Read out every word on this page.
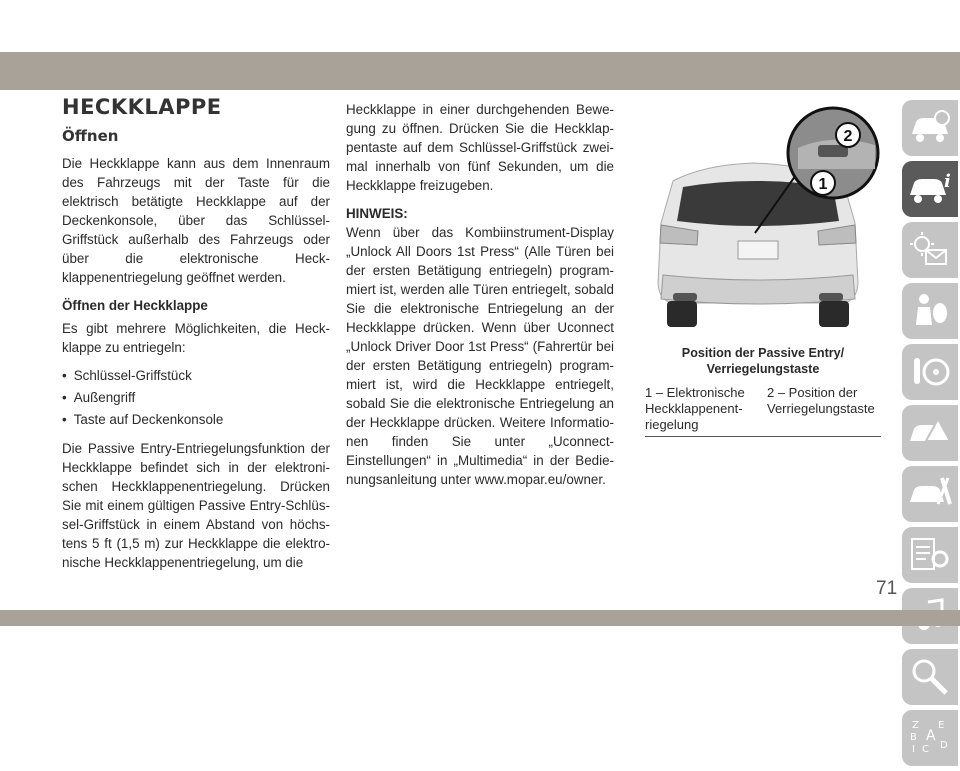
HECKKLAPPE
Öffnen

Die Heckklappe kann aus dem Innenraum des Fahrzeugs mit der Taste für die elektrisch betätigte Heckklappe auf der Deckenkonsole, über das Schlüssel-Griffstück außerhalb des Fahrzeugs oder über die elektronische Heck-klappenentriegelung geöffnet werden.

Öffnen der Heckklappe

Es gibt mehrere Möglichkeiten, die Heck-klappe zu entriegeln:

• Schlüssel-Griffstück
• Außengriff
• Taste auf Deckenkonsole

Die Passive Entry-Entriegelungsfunktion der Heckklappe befindet sich in der elektroni-schen Heckklappenentriegelung. Drücken Sie mit einem gültigen Passive Entry-Schlüs-sel-Griffstück in einem Abstand von höchs-tens 5 ft (1,5 m) zur Heckklappe die elektro-nische Heckklappenentriegelung, um die

Heckklappe in einer durchgehenden Bewe-gung zu öffnen. Drücken Sie die Heckklap-pentaste auf dem Schlüssel-Griffstück zwei-mal innerhalb von fünf Sekunden, um die Heckklappe freizugeben.

HINWEIS:

Wenn über das Kombiinstrument-Display „Unlock All Doors 1st Press“ (Alle Türen bei der ersten Betätigung entriegeln) program-miert ist, werden alle Türen entriegelt, sobald Sie die elektronische Entriegelung an der Heckklappe drücken. Wenn über Uconnect „Unlock Driver Door 1st Press“ (Fahrertür bei der ersten Betätigung entriegeln) program-miert ist, wird die Heckklappe entriegelt, sobald Sie die elektronische Entriegelung an der Heckklappe drücken. Weitere Informatio-nen finden Sie unter „Uconnect-Einstellungen“ in „Multimedia“ in der Bedie-nungsanleitung unter www.mopar.eu/owner.

1
2
Position der Passive Entry/ Verriegelungstaste
1 – Elektronische Heckklappenent-riegelung
2 – Position der Verriegelungstaste
i
Z E
B A
I C D
71
